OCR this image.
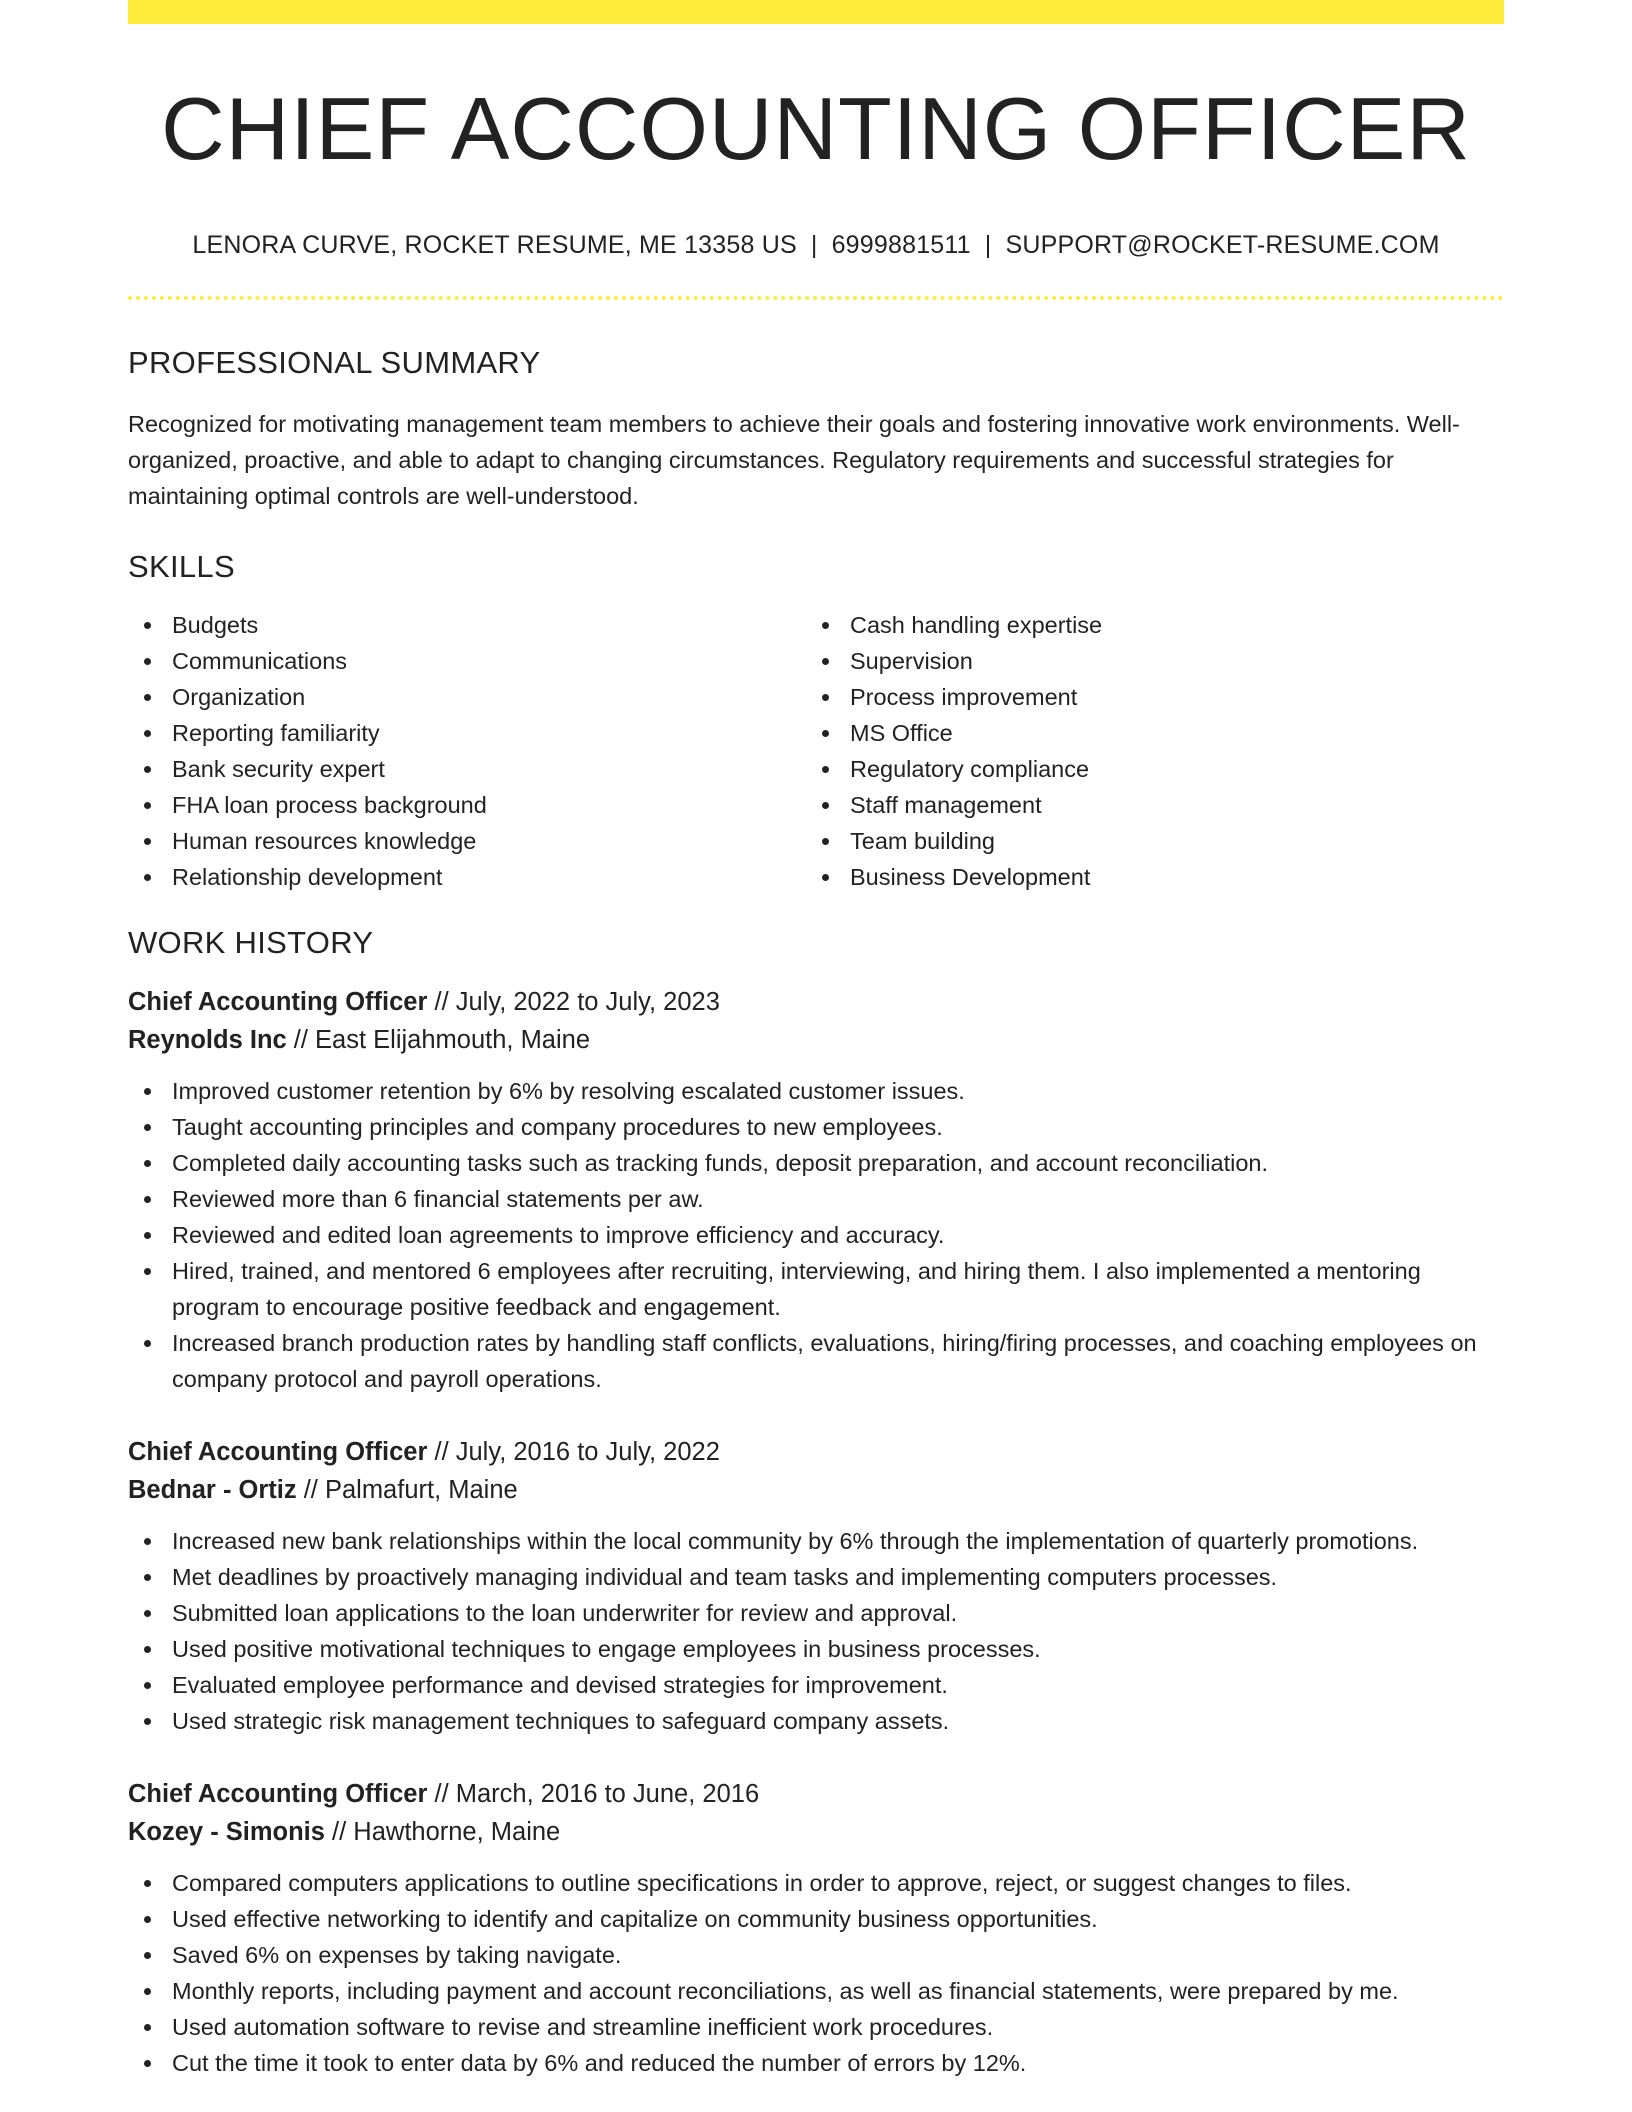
CHIEF ACCOUNTING OFFICER
LENORA CURVE, ROCKET RESUME, ME 13358 US | 6999881511 | SUPPORT@ROCKET-RESUME.COM
PROFESSIONAL SUMMARY

Recognized for motivating management team members to achieve their goals and fostering innovative work environments. Well-organized, proactive, and able to adapt to changing circumstances. Regulatory requirements and successful strategies for maintaining optimal controls are well-understood.

SKILLS
Budgets
Communications
Organization
Reporting familiarity
Bank security expert
FHA loan process background
Human resources knowledge
Relationship development
Cash handling expertise
Supervision
Process improvement
MS Office
Regulatory compliance
Staff management
Team building
Business Development
WORK HISTORY
Chief Accounting Officer // July, 2022 to July, 2023
Reynolds Inc // East Elijahmouth, Maine
Improved customer retention by 6% by resolving escalated customer issues.
Taught accounting principles and company procedures to new employees.
Completed daily accounting tasks such as tracking funds, deposit preparation, and account reconciliation.
Reviewed more than 6 financial statements per aw.
Reviewed and edited loan agreements to improve efficiency and accuracy.
Hired, trained, and mentored 6 employees after recruiting, interviewing, and hiring them. I also implemented a mentoring program to encourage positive feedback and engagement.
Increased branch production rates by handling staff conflicts, evaluations, hiring/firing processes, and coaching employees on company protocol and payroll operations.
Chief Accounting Officer // July, 2016 to July, 2022
Bednar - Ortiz // Palmafurt, Maine
Increased new bank relationships within the local community by 6% through the implementation of quarterly promotions.
Met deadlines by proactively managing individual and team tasks and implementing computers processes.
Submitted loan applications to the loan underwriter for review and approval.
Used positive motivational techniques to engage employees in business processes.
Evaluated employee performance and devised strategies for improvement.
Used strategic risk management techniques to safeguard company assets.
Chief Accounting Officer // March, 2016 to June, 2016
Kozey - Simonis // Hawthorne, Maine
Compared computers applications to outline specifications in order to approve, reject, or suggest changes to files.
Used effective networking to identify and capitalize on community business opportunities.
Saved 6% on expenses by taking navigate.
Monthly reports, including payment and account reconciliations, as well as financial statements, were prepared by me.
Used automation software to revise and streamline inefficient work procedures.
Cut the time it took to enter data by 6% and reduced the number of errors by 12%.
